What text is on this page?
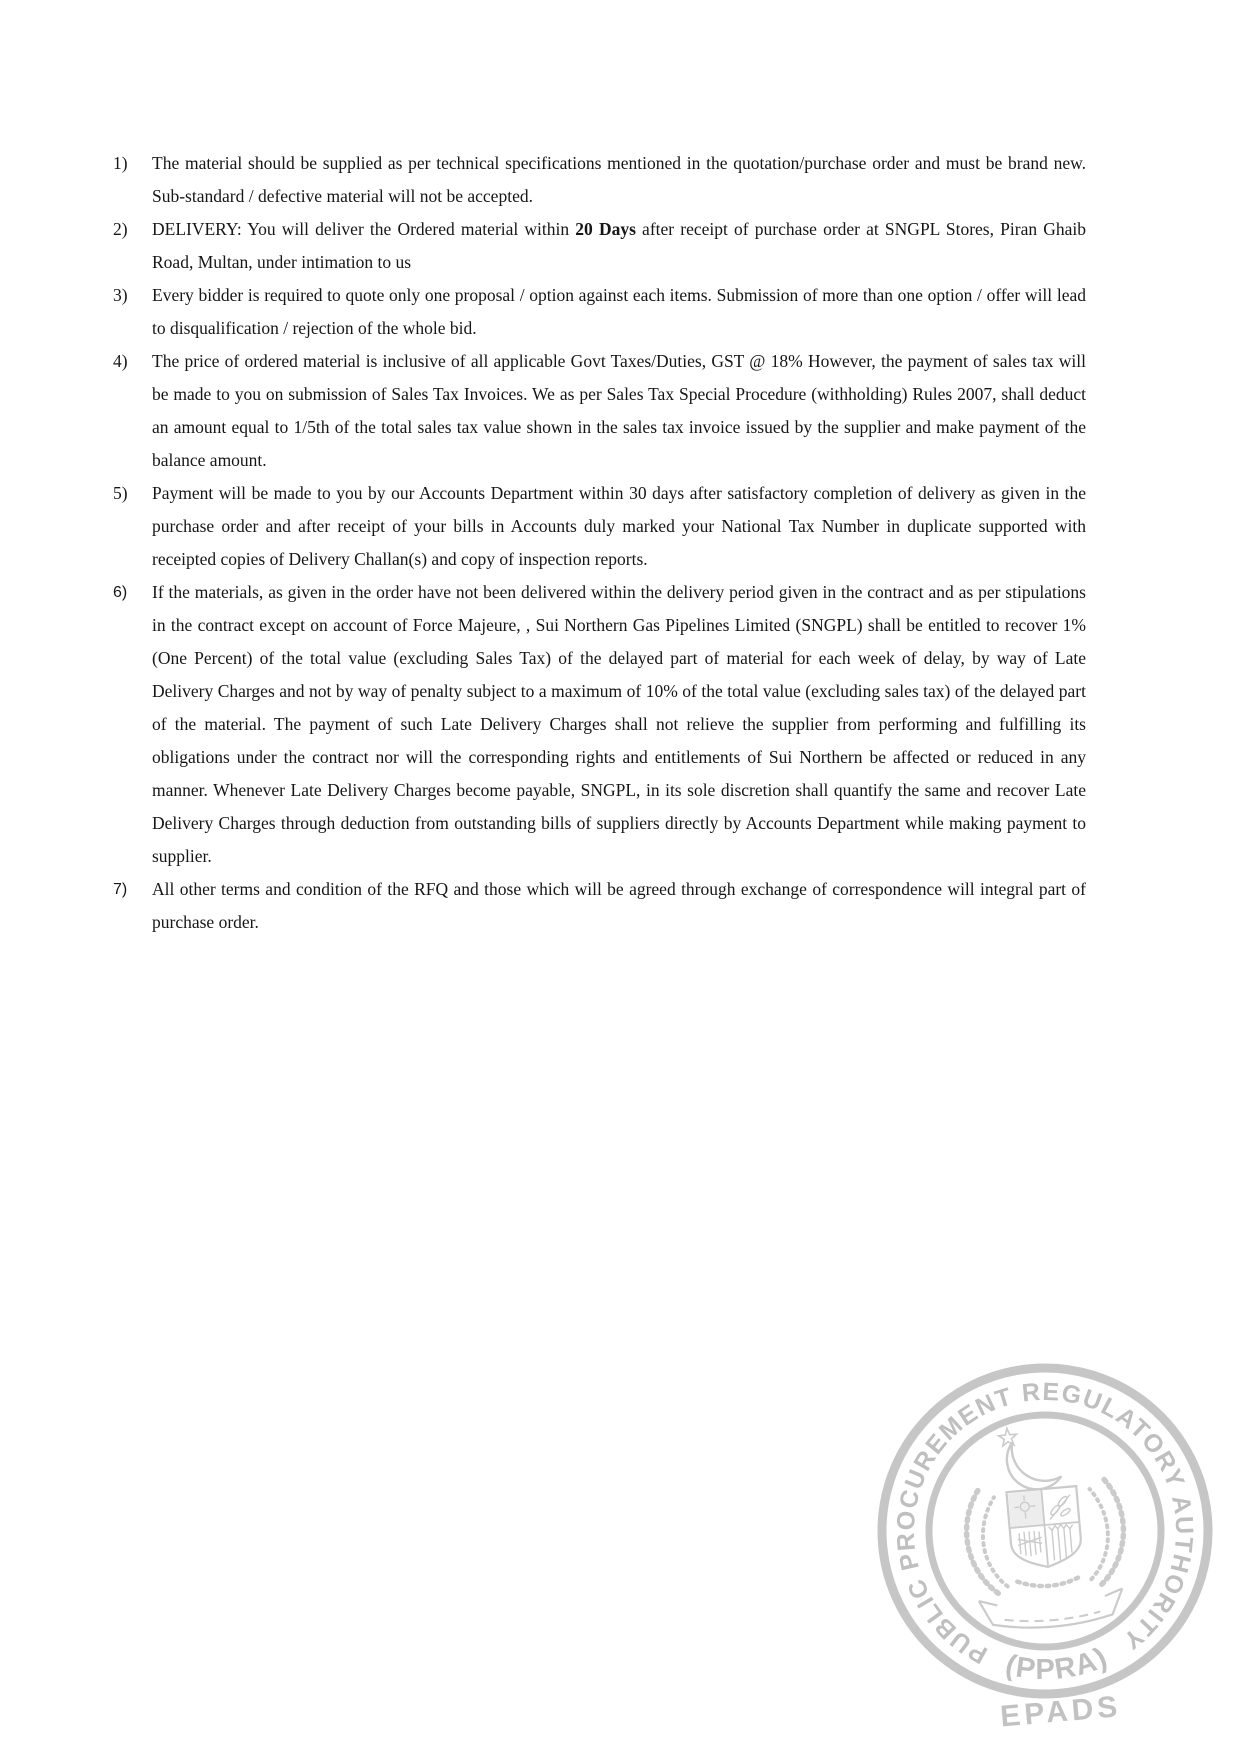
1) The material should be supplied as per technical specifications mentioned in the quotation/purchase order and must be brand new. Sub-standard / defective material will not be accepted.
2) DELIVERY: You will deliver the Ordered material within 20 Days after receipt of purchase order at SNGPL Stores, Piran Ghaib Road, Multan, under intimation to us
3) Every bidder is required to quote only one proposal / option against each items. Submission of more than one option / offer will lead to disqualification / rejection of the whole bid.
4) The price of ordered material is inclusive of all applicable Govt Taxes/Duties, GST @ 18% However, the payment of sales tax will be made to you on submission of Sales Tax Invoices. We as per Sales Tax Special Procedure (withholding) Rules 2007, shall deduct an amount equal to 1/5th of the total sales tax value shown in the sales tax invoice issued by the supplier and make payment of the balance amount.
5) Payment will be made to you by our Accounts Department within 30 days after satisfactory completion of delivery as given in the purchase order and after receipt of your bills in Accounts duly marked your National Tax Number in duplicate supported with receipted copies of Delivery Challan(s) and copy of inspection reports.
6) If the materials, as given in the order have not been delivered within the delivery period given in the contract and as per stipulations in the contract except on account of Force Majeure, , Sui Northern Gas Pipelines Limited (SNGPL) shall be entitled to recover 1% (One Percent) of the total value (excluding Sales Tax) of the delayed part of material for each week of delay, by way of Late Delivery Charges and not by way of penalty subject to a maximum of 10% of the total value (excluding sales tax) of the delayed part of the material. The payment of such Late Delivery Charges shall not relieve the supplier from performing and fulfilling its obligations under the contract nor will the corresponding rights and entitlements of Sui Northern be affected or reduced in any manner. Whenever Late Delivery Charges become payable, SNGPL, in its sole discretion shall quantify the same and recover Late Delivery Charges through deduction from outstanding bills of suppliers directly by Accounts Department while making payment to supplier.
7) All other terms and condition of the RFQ and those which will be agreed through exchange of correspondence will integral part of purchase order.
PUBLIC PROCUREMENT REGULATORY AUTHORITY
(PPRA)
EPADS
